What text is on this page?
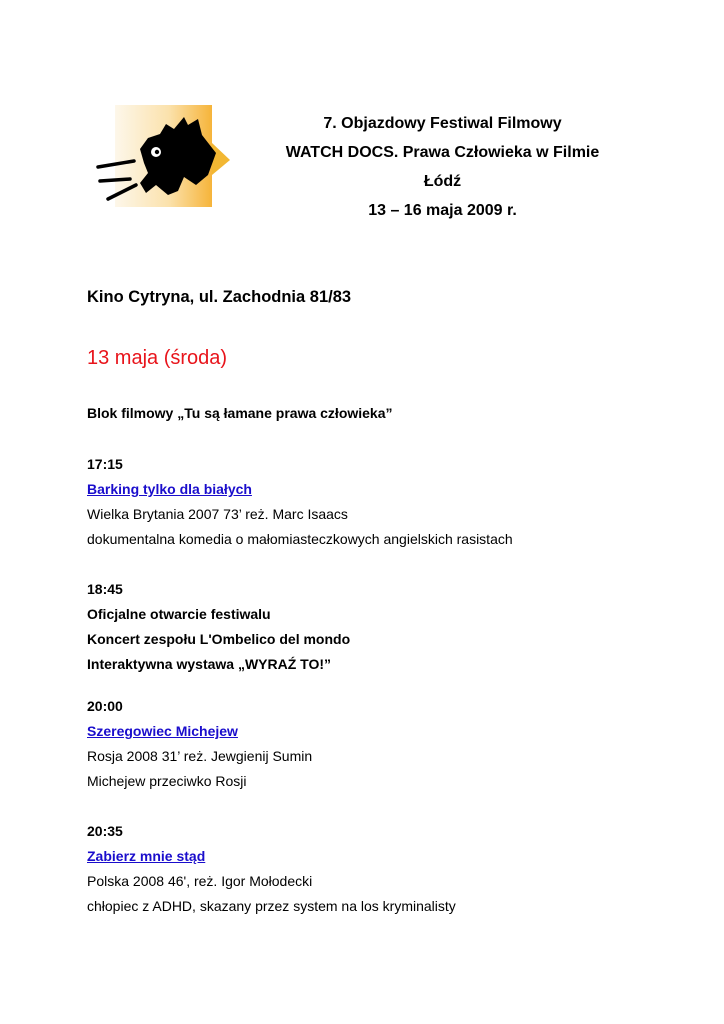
7. Objazdowy Festiwal Filmowy
WATCH DOCS. Prawa Człowieka w Filmie
Łódź
13 – 16 maja 2009 r.
Kino Cytryna, ul. Zachodnia 81/83
13 maja (środa)
Blok filmowy „Tu są łamane prawa człowieka”
17:15
Barking tylko dla białych
Wielka Brytania 2007 73’ reż. Marc Isaacs
dokumentalna komedia o małomiasteczkowych angielskich rasistach
18:45
Oficjalne otwarcie festiwalu
Koncert zespołu L'Ombelico del mondo
Interaktywna wystawa „WYRAŹ TO!”
20:00
Szeregowiec Michejew
Rosja 2008 31’ reż. Jewgienij Sumin
Michejew przeciwko Rosji
20:35
Zabierz mnie stąd
Polska 2008 46', reż. Igor Mołodecki
chłopiec z ADHD, skazany przez system na los kryminalisty
